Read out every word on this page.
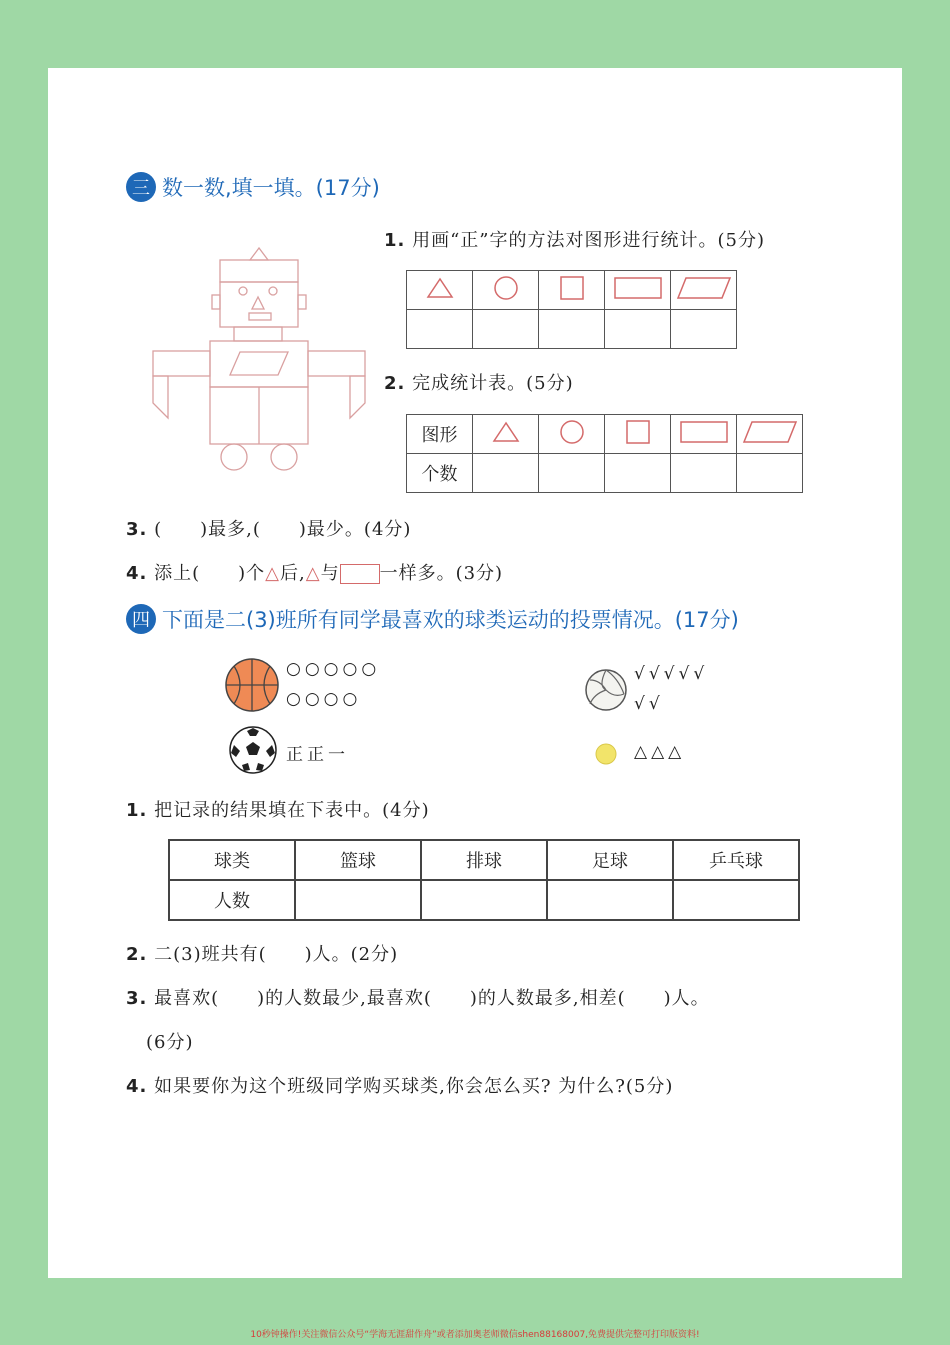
三 数一数,填一填。(17分)
1. 用画“正”字的方法对图形进行统计。(5分)

2. 完成统计表。(5分)
图形					
个数					
3. (　　)最多,(　　)最少。(4分)
4. 添上(　　)个△后,△与 一样多。(3分)
四 下面是二(3)班所有同学最喜欢的球类运动的投票情况。(17分)
○○○○○
○○○○
√√√√√
√√
正正一	△△△
1. 把记录的结果填在下表中。(4分)
球类	篮球	排球	足球	乒乓球
人数				
2. 二(3)班共有(　　)人。(2分)
3. 最喜欢(　　)的人数最少,最喜欢(　　)的人数最多,相差(　　)人。
(6分)
4. 如果要你为这个班级同学购买球类,你会怎么买? 为什么?(5分)
10秒钟操作!关注微信公众号“学海无涯甜作舟”或者添加奥老师微信shen88168007,免费提供完整可打印版资料!
